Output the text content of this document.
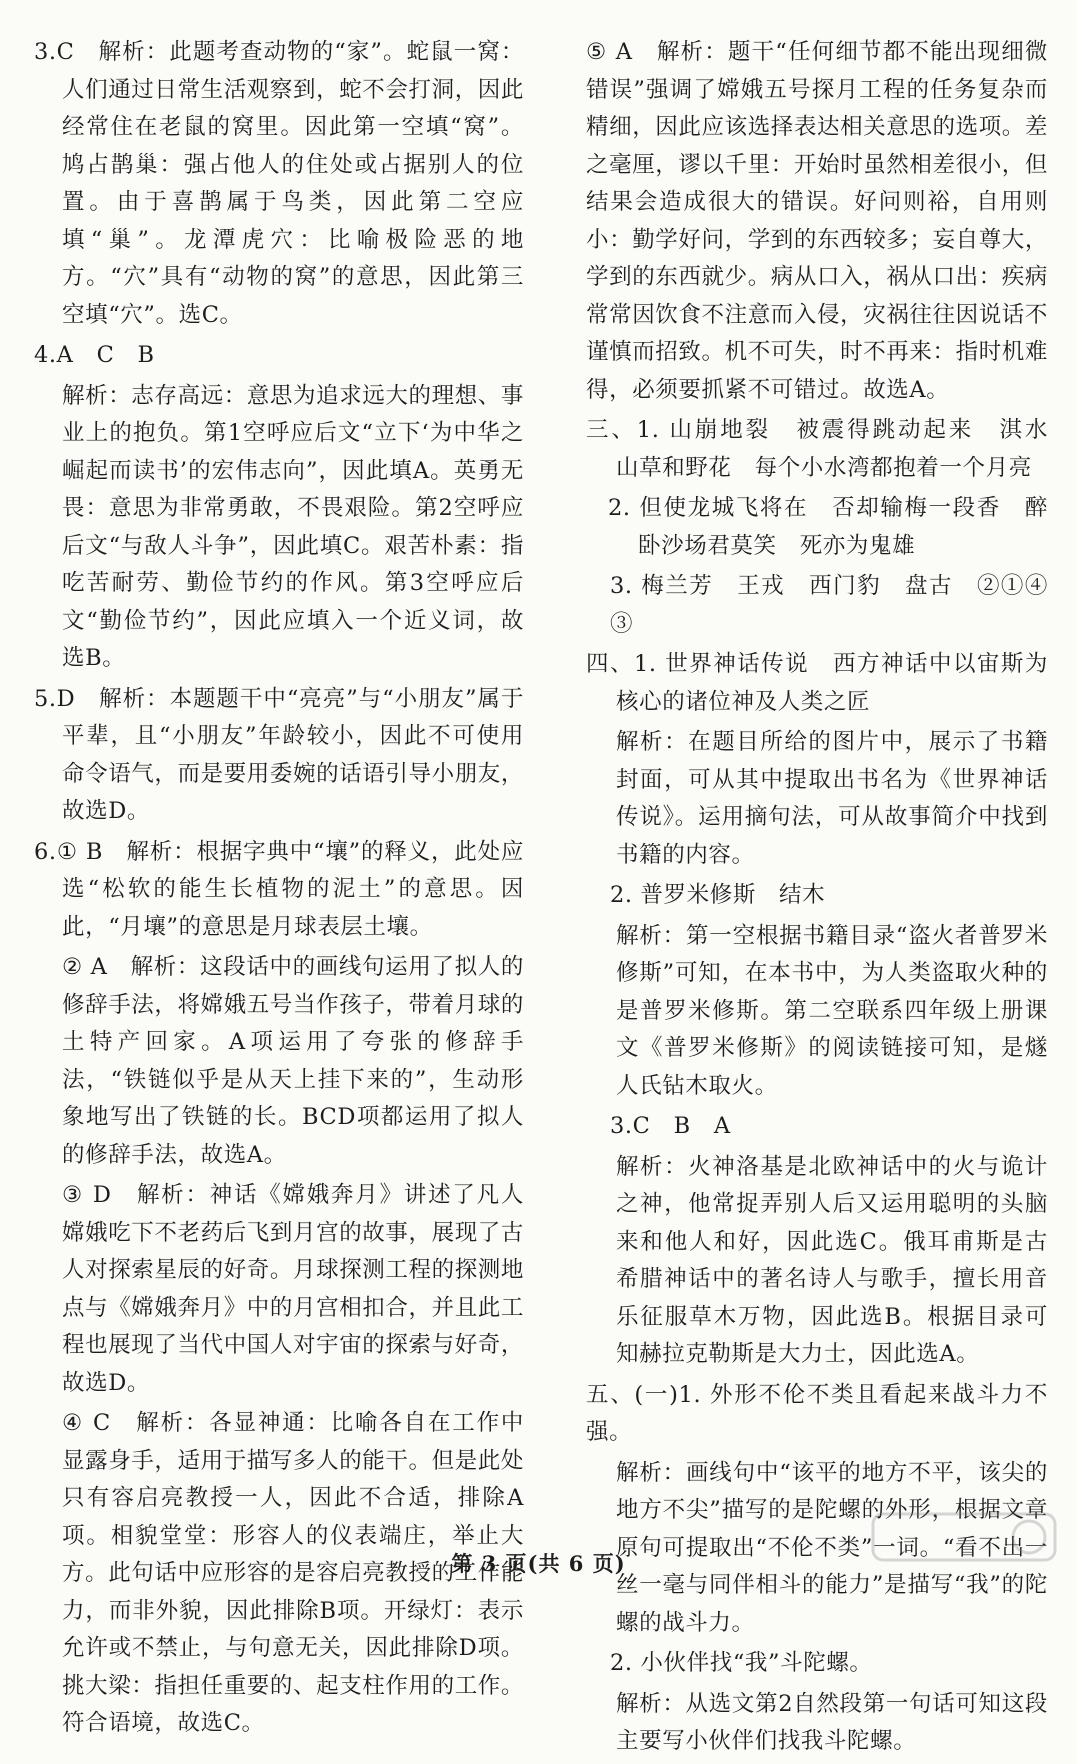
3.C　解析：此题考查动物的“家”。蛇鼠一窝：人们通过日常生活观察到，蛇不会打洞，因此经常住在老鼠的窝里。因此第一空填“窝”。鸠占鹊巢：强占他人的住处或占据别人的位置。由于喜鹊属于鸟类，因此第二空应填“巢”。龙潭虎穴：比喻极险恶的地方。“穴”具有“动物的窝”的意思，因此第三空填“穴”。选C。

4.A　C　B

解析：志存高远：意思为追求远大的理想、事业上的抱负。第1空呼应后文“立下‘为中华之崛起而读书’的宏伟志向”，因此填A。英勇无畏：意思为非常勇敢，不畏艰险。第2空呼应后文“与敌人斗争”，因此填C。艰苦朴素：指吃苦耐劳、勤俭节约的作风。第3空呼应后文“勤俭节约”，因此应填入一个近义词，故选B。

5.D　解析：本题题干中“亮亮”与“小朋友”属于平辈，且“小朋友”年龄较小，因此不可使用命令语气，而是要用委婉的话语引导小朋友，故选D。

6.① B　解析：根据字典中“壤”的释义，此处应选“松软的能生长植物的泥土”的意思。因此，“月壤”的意思是月球表层土壤。

② A　解析：这段话中的画线句运用了拟人的修辞手法，将嫦娥五号当作孩子，带着月球的土特产回家。A项运用了夸张的修辞手法，“铁链似乎是从天上挂下来的”，生动形象地写出了铁链的长。BCD项都运用了拟人的修辞手法，故选A。

③ D　解析：神话《嫦娥奔月》讲述了凡人嫦娥吃下不老药后飞到月宫的故事，展现了古人对探索星辰的好奇。月球探测工程的探测地点与《嫦娥奔月》中的月宫相扣合，并且此工程也展现了当代中国人对宇宙的探索与好奇，故选D。

④ C　解析：各显神通：比喻各自在工作中显露身手，适用于描写多人的能干。但是此处只有容启亮教授一人，因此不合适，排除A项。相貌堂堂：形容人的仪表端庄，举止大方。此句话中应形容的是容启亮教授的工作能力，而非外貌，因此排除B项。开绿灯：表示允许或不禁止，与句意无关，因此排除D项。挑大梁：指担任重要的、起支柱作用的工作。符合语境，故选C。

⑤ A　解析：题干“任何细节都不能出现细微错误”强调了嫦娥五号探月工程的任务复杂而精细，因此应该选择表达相关意思的选项。差之毫厘，谬以千里：开始时虽然相差很小，但结果会造成很大的错误。好问则裕，自用则小：勤学好问，学到的东西较多；妄自尊大，学到的东西就少。病从口入，祸从口出：疾病常常因饮食不注意而入侵，灾祸往往因说话不谨慎而招致。机不可失，时不再来：指时机难得，必须要抓紧不可错过。故选A。

三、1. 山崩地裂　被震得跳动起来　淇水　山草和野花　每个小水湾都抱着一个月亮

2. 但使龙城飞将在　否却输梅一段香　醉卧沙场君莫笑　死亦为鬼雄

3. 梅兰芳　王戎　西门豹　盘古　②①④③

四、1. 世界神话传说　西方神话中以宙斯为核心的诸位神及人类之匠

解析：在题目所给的图片中，展示了书籍封面，可从其中提取出书名为《世界神话传说》。运用摘句法，可从故事简介中找到书籍的内容。

2. 普罗米修斯　结木

解析：第一空根据书籍目录“盗火者普罗米修斯”可知，在本书中，为人类盗取火种的是普罗米修斯。第二空联系四年级上册课文《普罗米修斯》的阅读链接可知，是燧人氏钻木取火。

3.C　B　A

解析：火神洛基是北欧神话中的火与诡计之神，他常捉弄别人后又运用聪明的头脑来和他人和好，因此选C。俄耳甫斯是古希腊神话中的著名诗人与歌手，擅长用音乐征服草木万物，因此选B。根据目录可知赫拉克勒斯是大力士，因此选A。

五、(一)1. 外形不伦不类且看起来战斗力不强。

解析：画线句中“该平的地方不平，该尖的地方不尖”描写的是陀螺的外形，根据文章原句可提取出“不伦不类”一词。“看不出一丝一毫与同伴相斗的能力”是描写“我”的陀螺的战斗力。

2. 小伙伴找“我”斗陀螺。

解析：从选文第2自然段第一句话可知这段主要写小伙伴们找我斗陀螺。

第 3 页(共 6 页)
